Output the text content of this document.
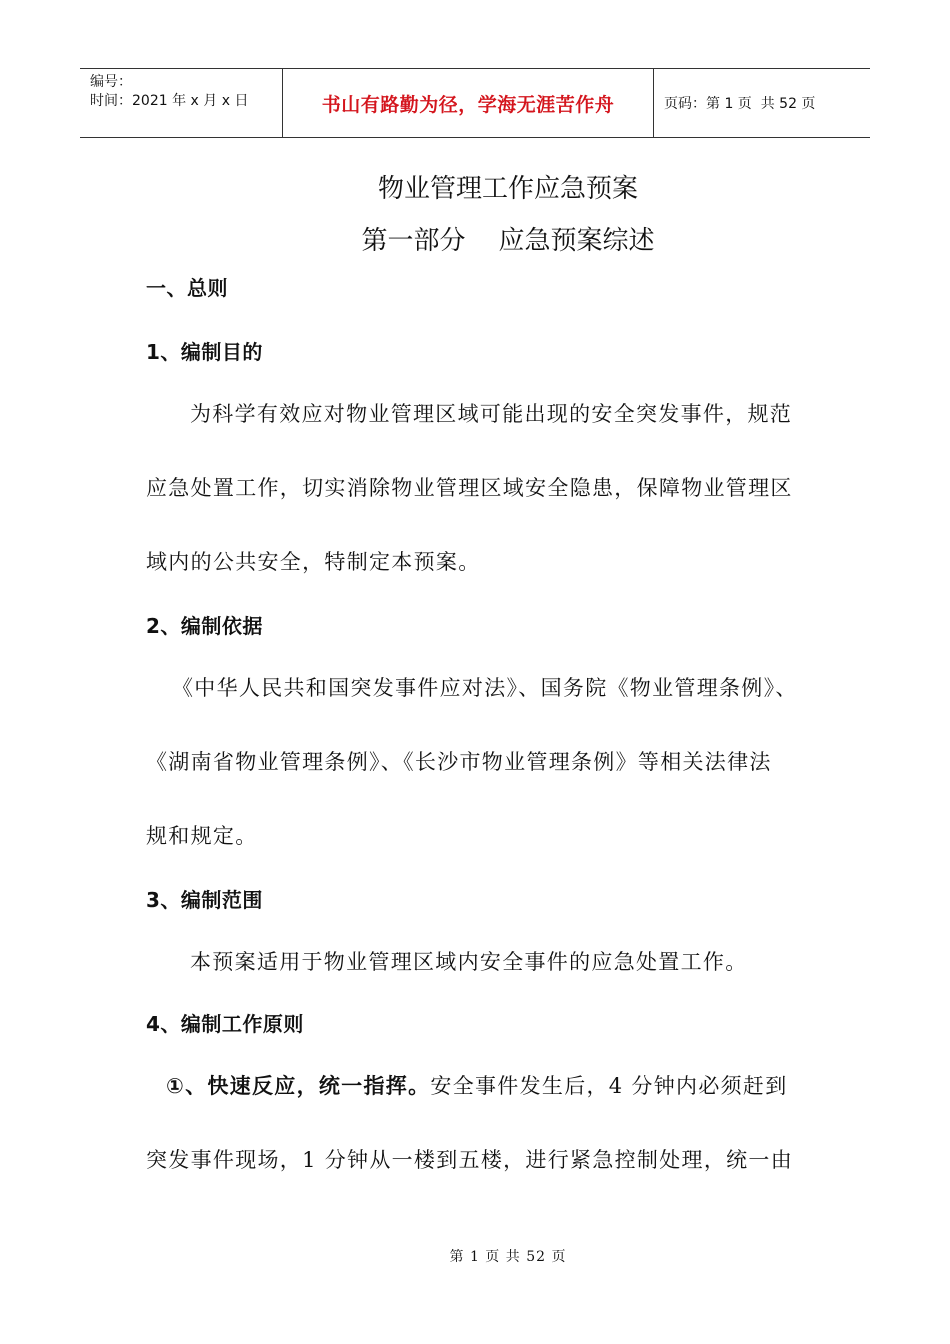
编号：
时间：2021 年 x 月 x 日	书山有路勤为径，学海无涯苦作舟	页码：第 1 页  共 52 页
物业管理工作应急预案
第一部分    应急预案综述
一、总则
1、编制目的
为科学有效应对物业管理区域可能出现的安全突发事件，规范
应急处置工作，切实消除物业管理区域安全隐患，保障物业管理区
域内的公共安全，特制定本预案。
2、编制依据
《中华人民共和国突发事件应对法》、国务院《物业管理条例》、
《湖南省物业管理条例》、《长沙市物业管理条例》等相关法律法
规和规定。
3、编制范围
本预案适用于物业管理区域内安全事件的应急处置工作。
4、编制工作原则
①、快速反应，统一指挥。安全事件发生后，4 分钟内必须赶到
突发事件现场，1 分钟从一楼到五楼，进行紧急控制处理，统一由
第 1 页 共 52 页
